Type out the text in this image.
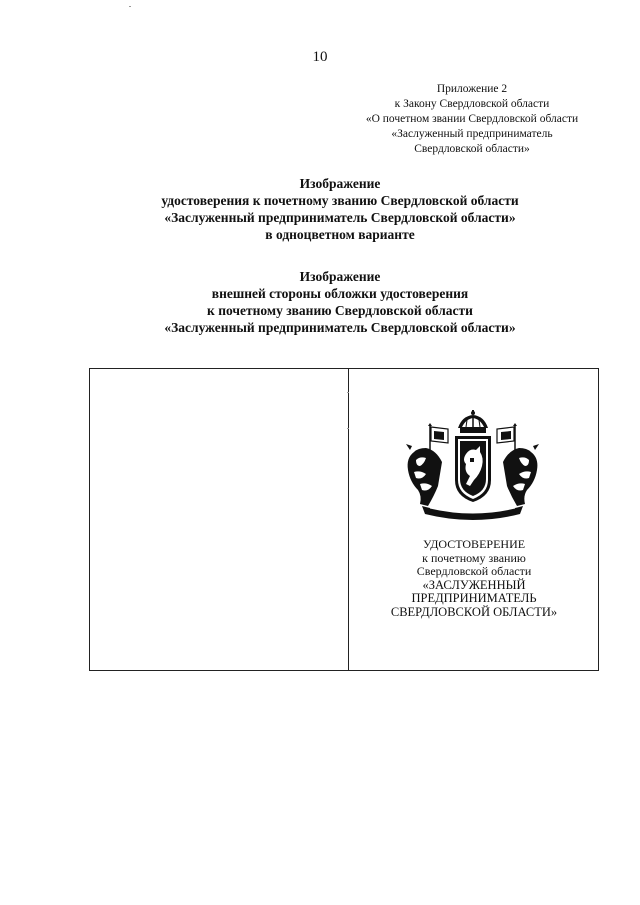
10
Приложение 2
к Закону Свердловской области
«О почетном звании Свердловской области
«Заслуженный предприниматель
Свердловской области»
Изображение
удостоверения к почетному званию Свердловской области
«Заслуженный предприниматель Свердловской области»
в одноцветном варианте
Изображение
внешней стороны обложки удостоверения
к почетному званию Свердловской области
«Заслуженный предприниматель Свердловской области»
УДОСТОВЕРЕНИЕ
к почетному званию
Свердловской области
«ЗАСЛУЖЕННЫЙ
ПРЕДПРИНИМАТЕЛЬ
СВЕРДЛОВСКОЙ ОБЛАСТИ»
